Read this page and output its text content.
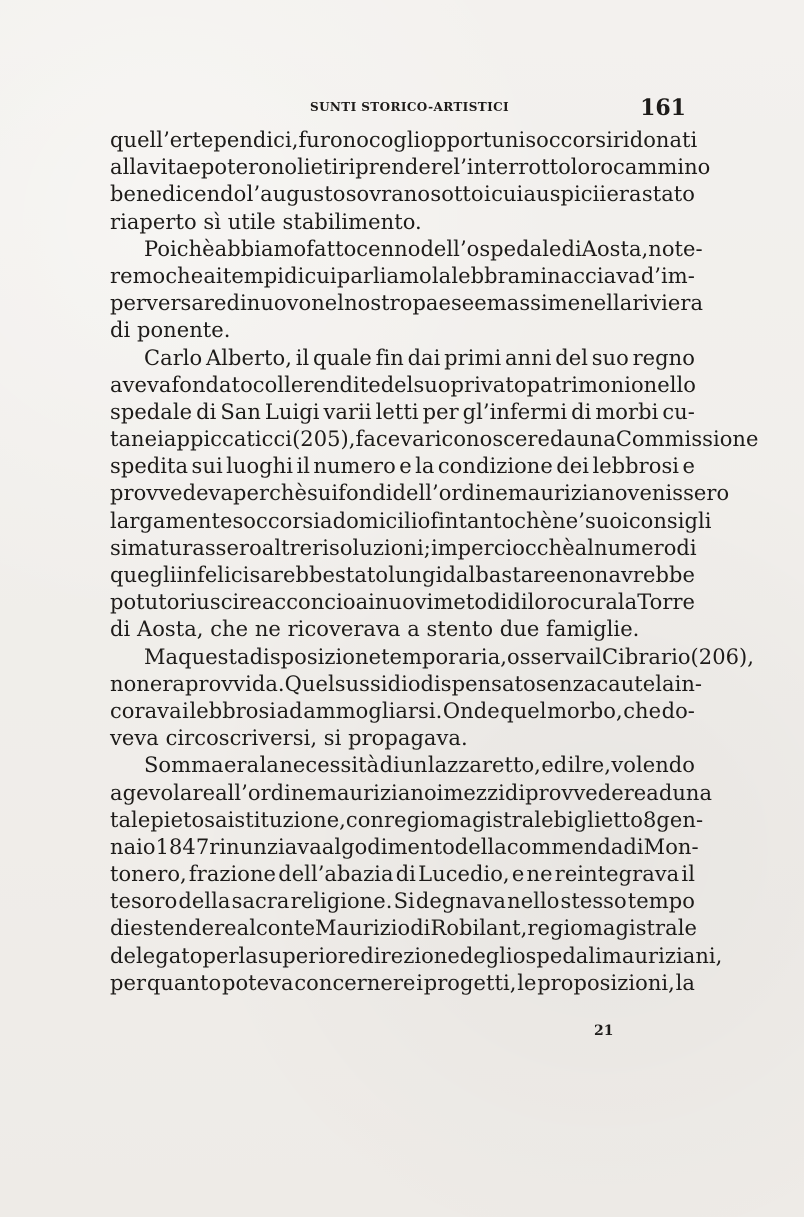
SUNTI STORICO-ARTISTICI	161
quell’erte pendici, furono cogli opportuni soccorsi ridonati
alla vita e poterono lieti riprendere l’interrotto loro cammino
benedicendo l’augusto sovrano sotto i cui auspicii era stato
riaperto sì utile stabilimento.
Poichè abbiamo fatto cenno dell’ospedale di Aosta, note-
remo che ai tempi di cui parliamo la lebbra minacciava d’im-
perversare di nuovo nel nostro paese e massime nella riviera
di ponente.
Carlo Alberto, il quale fin dai primi anni del suo regno
aveva fondato colle rendite del suo privato patrimonio nello
spedale di San Luigi varii letti per gl’infermi di morbi cu-
tanei appiccaticci (205), faceva riconoscere da una Commissione
spedita sui luoghi il numero e la condizione dei lebbrosi e
provvedeva perchè sui fondi dell’ordine mauriziano venissero
largamente soccorsi a domicilio fintantochè ne’ suoi consigli
si maturassero altre risoluzioni; imperciocchè al numero di
quegli infelici sarebbe stato lungi dal bastare e non avrebbe
potuto riuscire acconcio ai nuovi metodi di loro cura la Torre
di Aosta, che ne ricoverava a stento due famiglie.
Ma questa disposizione temporaria, osserva il Cibrario (206),
non era provvida. Quel sussidio dispensato senza cautela in-
corava i lebbrosi ad ammogliarsi. Onde quel morbo, che do-
veva circoscriversi, si propagava.
Somma era la necessità di un lazzaretto, ed il re, volendo
agevolare all’ordine mauriziano i mezzi di provvedere ad una
tale pietosa istituzione, con regio magistrale biglietto 8 gen-
naio 1847 rinunziava al godimento della commenda di Mon-
tonero, frazione dell’abazia di Lucedio, e ne reintegrava il
tesoro della sacra religione. Si degnava nello stesso tempo
di estendere al conte Maurizio di Robilant, regio magistrale
delegato per la superiore direzione degli ospedali mauriziani,
per quanto poteva concernere i progetti, le proposizioni, la
21
